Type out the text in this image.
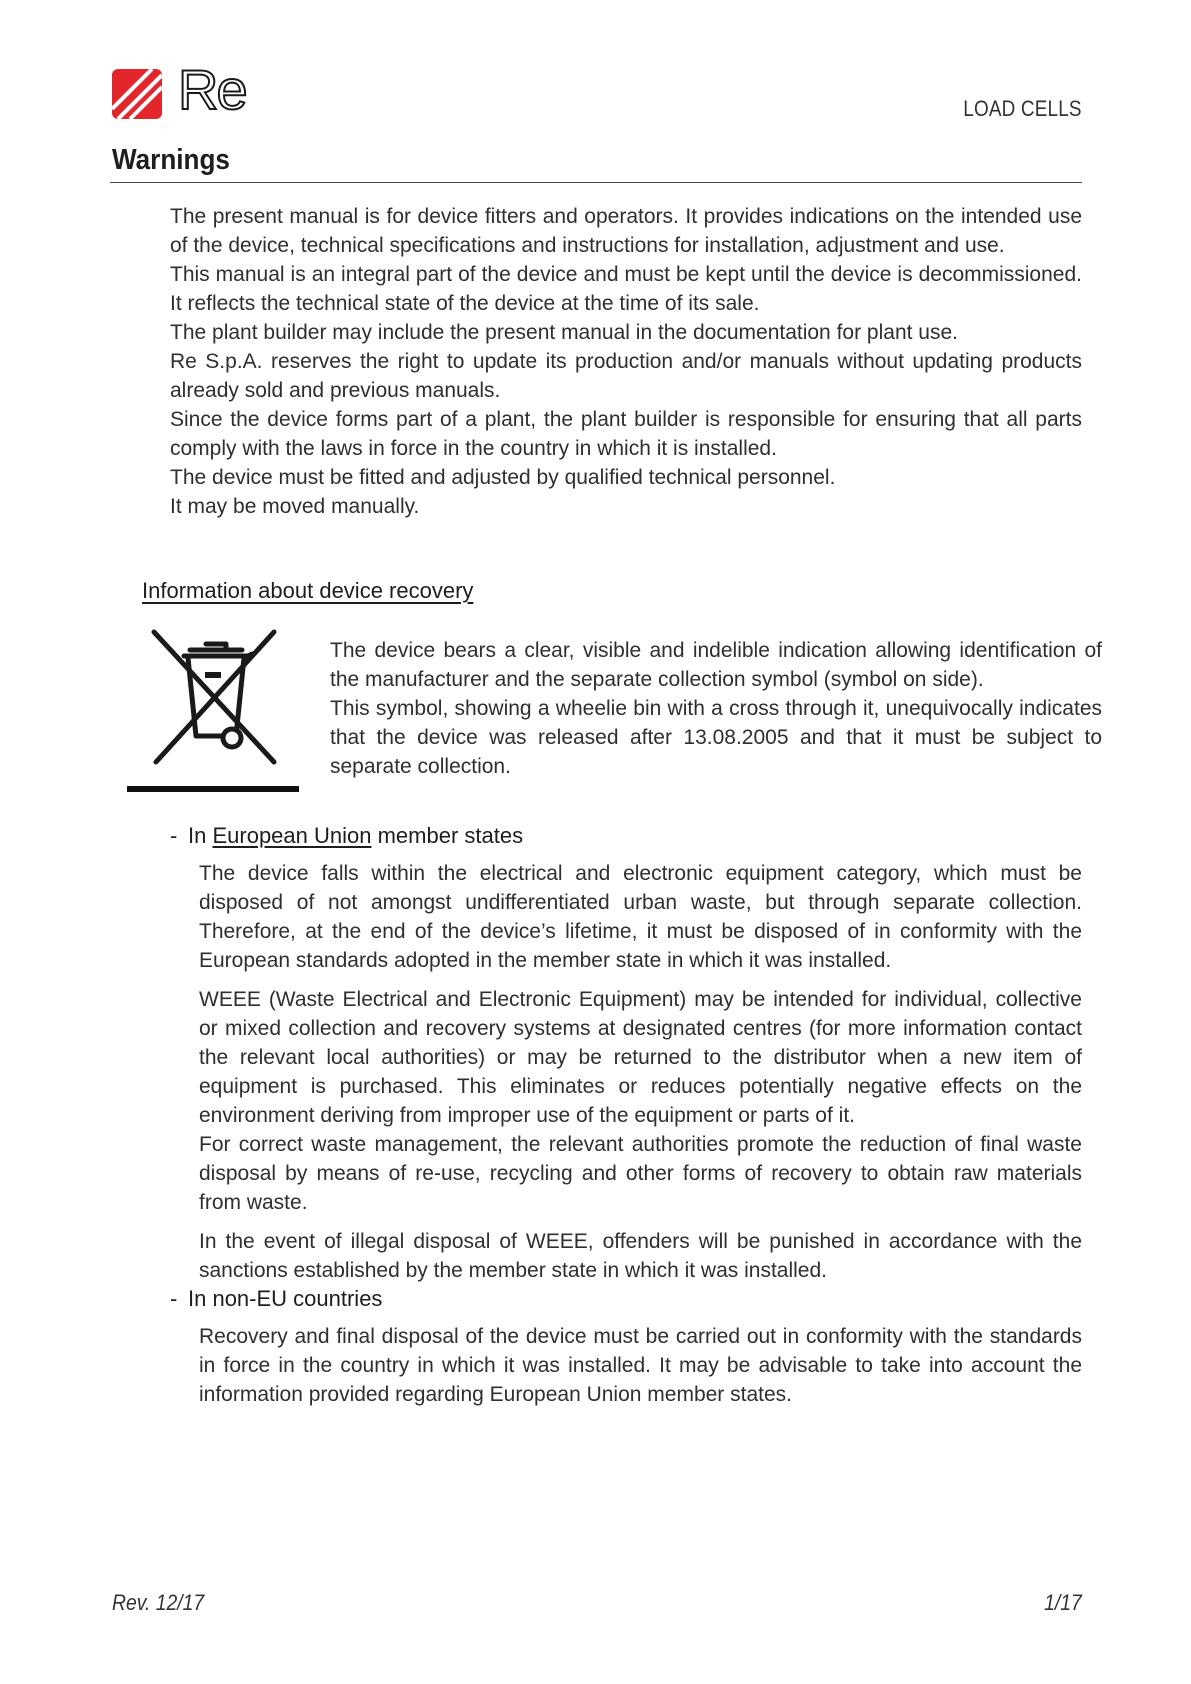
Re	LOAD CELLS
Warnings

The present manual is for device fitters and operators. It provides indications on the intended use of the device, technical specifications and instructions for installation, adjustment and use.

This manual is an integral part of the device and must be kept until the device is decommissioned. It reflects the technical state of the device at the time of its sale.

The plant builder may include the present manual in the documentation for plant use.

Re S.p.A. reserves the right to update its production and/or manuals without updating products already sold and previous manuals.

Since the device forms part of a plant, the plant builder is responsible for ensuring that all parts comply with the laws in force in the country in which it is installed.

The device must be fitted and adjusted by qualified technical personnel.

It may be moved manually.

Information about device recovery

The device bears a clear, visible and indelible indication allowing identification of the manufacturer and the separate collection symbol (symbol on side).

This symbol, showing a wheelie bin with a cross through it, unequivocally indicates that the device was released after 13.08.2005 and that it must be subject to separate collection.

- In European Union member states

The device falls within the electrical and electronic equipment category, which must be disposed of not amongst undifferentiated urban waste, but through separate collection. Therefore, at the end of the device’s lifetime, it must be disposed of in conformity with the European standards adopted in the member state in which it was installed.

WEEE (Waste Electrical and Electronic Equipment) may be intended for individual, collective or mixed collection and recovery systems at designated centres (for more information contact the relevant local authorities) or may be returned to the distributor when a new item of equipment is purchased. This eliminates or reduces potentially negative effects on the environment deriving from improper use of the equipment or parts of it.

For correct waste management, the relevant authorities promote the reduction of final waste disposal by means of re-use, recycling and other forms of recovery to obtain raw materials from waste.

In the event of illegal disposal of WEEE, offenders will be punished in accordance with the sanctions established by the member state in which it was installed.

- In non-EU countries

Recovery and final disposal of the device must be carried out in conformity with the standards in force in the country in which it was installed. It may be advisable to take into account the information provided regarding European Union member states.

Rev. 12/17	1/17
